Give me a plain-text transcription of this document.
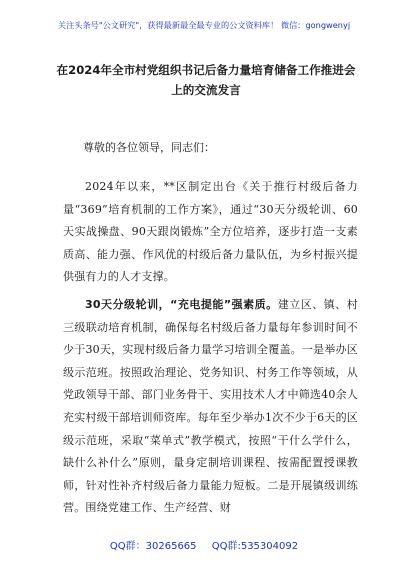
关注头条号"公文研究"，获得最新最全最专业的公文资料库！ 微信：gongwenyj
在2024年全市村党组织书记后备力量培育储备工作推进会上的交流发言
尊敬的各位领导，同志们：
2024年以来，**区制定出台《关于推行村级后备力量“369”培育机制的工作方案》，通过“30天分级轮训、60天实战操盘、90天跟岗锻炼”全方位培养，逐步打造一支素质高、能力强、作风优的村级后备力量队伍，为乡村振兴提供强有力的人才支撑。
30天分级轮训，“充电提能”强素质。建立区、镇、村三级联动培育机制，确保每名村级后备力量每年参训时间不少于30天，实现村级后备力量学习培训全覆盖。一是举办区级示范班。按照政治理论、党务知识、村务工作等领域，从党政领导干部、部门业务骨干、实用技术人才中筛选40余人充实村级干部培训师资库。每年至少举办1次不少于6天的区级示范班，采取“菜单式”教学模式，按照“干什么学什么，缺什么补什么”原则，量身定制培训课程、按需配置授课教师，针对性补齐村级后备力量能力短板。二是开展镇级训练营。围绕党建工作、生产经营、财
QQ群：30265665 QQ群:535304092
